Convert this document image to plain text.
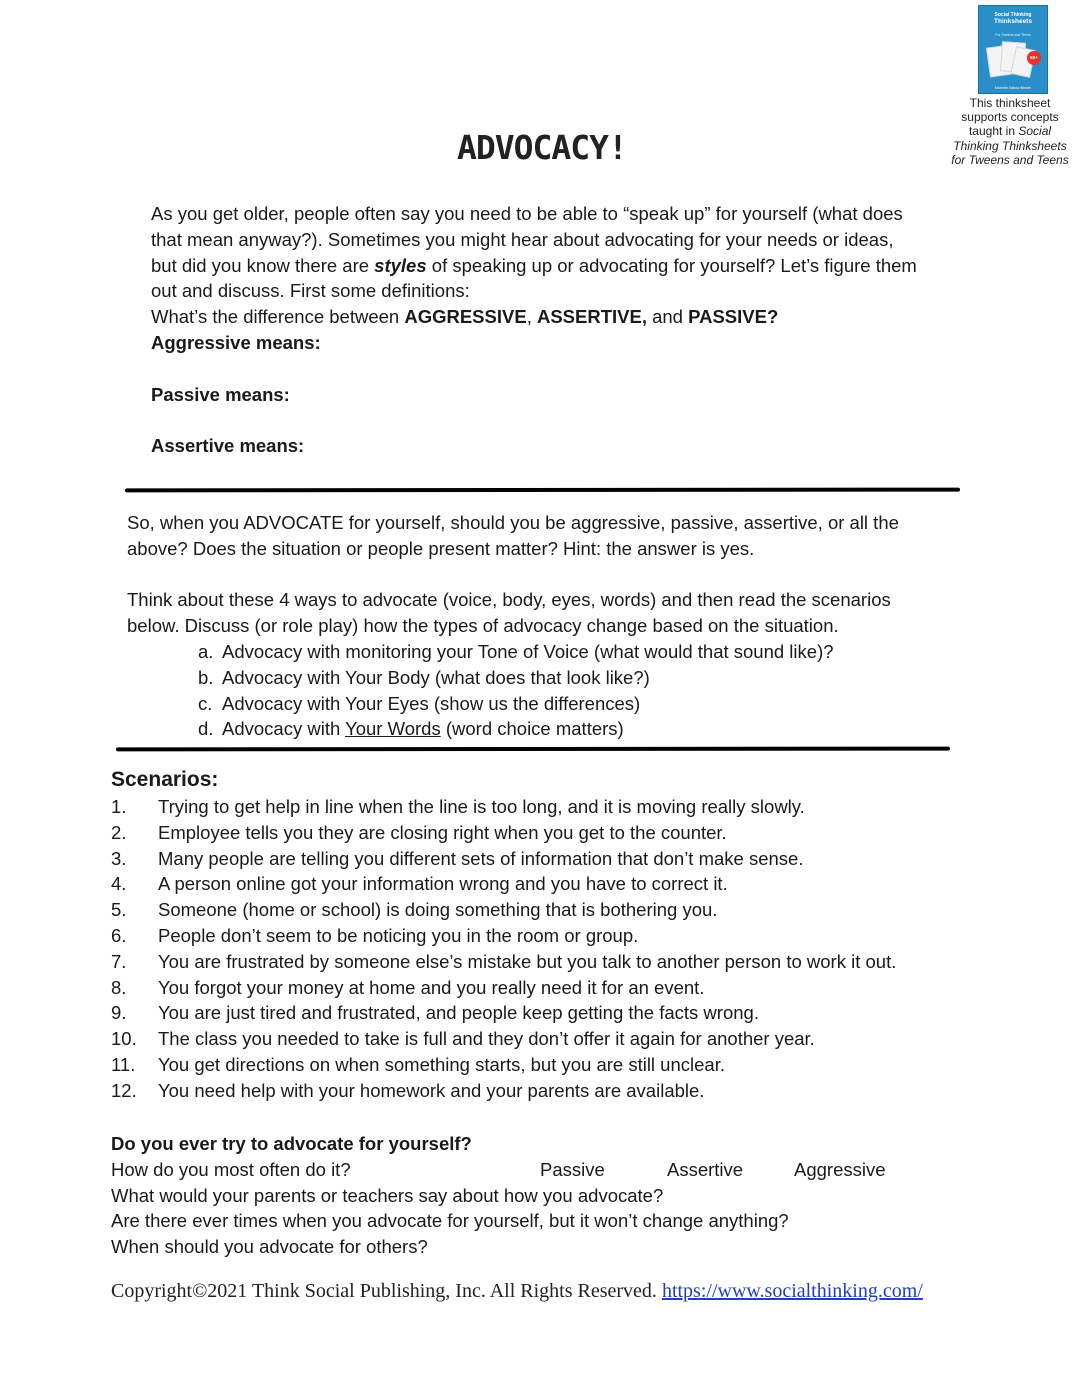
Social Thinking
Thinksheets
For Tweens and Teens
50+
Michelle Garcia Winner
This thinksheet
supports concepts
taught in Social
Thinking Thinksheets
for Tweens and Teens
ADVOCACY!
As you get older, people often say you need to be able to “speak up” for yourself (what does
that mean anyway?). Sometimes you might hear about advocating for your needs or ideas,
but did you know there are styles of speaking up or advocating for yourself? Let’s figure them
out and discuss. First some definitions:
What’s the difference between AGGRESSIVE, ASSERTIVE, and PASSIVE?
Aggressive means:
Passive means:
Assertive means:
So, when you ADVOCATE for yourself, should you be aggressive, passive, assertive, or all the
above? Does the situation or people present matter? Hint: the answer is yes.
Think about these 4 ways to advocate (voice, body, eyes, words) and then read the scenarios
below. Discuss (or role play) how the types of advocacy change based on the situation.
a. Advocacy with monitoring your Tone of Voice (what would that sound like)?
b. Advocacy with Your Body (what does that look like?)
c. Advocacy with Your Eyes (show us the differences)
d. Advocacy with Your Words (word choice matters)
Scenarios:
1. Trying to get help in line when the line is too long, and it is moving really slowly.
2. Employee tells you they are closing right when you get to the counter.
3. Many people are telling you different sets of information that don’t make sense.
4. A person online got your information wrong and you have to correct it.
5. Someone (home or school) is doing something that is bothering you.
6. People don’t seem to be noticing you in the room or group.
7. You are frustrated by someone else’s mistake but you talk to another person to work it out.
8. You forgot your money at home and you really need it for an event.
9. You are just tired and frustrated, and people keep getting the facts wrong.
10. The class you needed to take is full and they don’t offer it again for another year.
11. You get directions on when something starts, but you are still unclear.
12. You need help with your homework and your parents are available.
Do you ever try to advocate for yourself?
How do you most often do it?	Passive	Assertive	Aggressive
What would your parents or teachers say about how you advocate?
Are there ever times when you advocate for yourself, but it won’t change anything?
When should you advocate for others?
Copyright©2021 Think Social Publishing, Inc. All Rights Reserved. https://www.socialthinking.com/
